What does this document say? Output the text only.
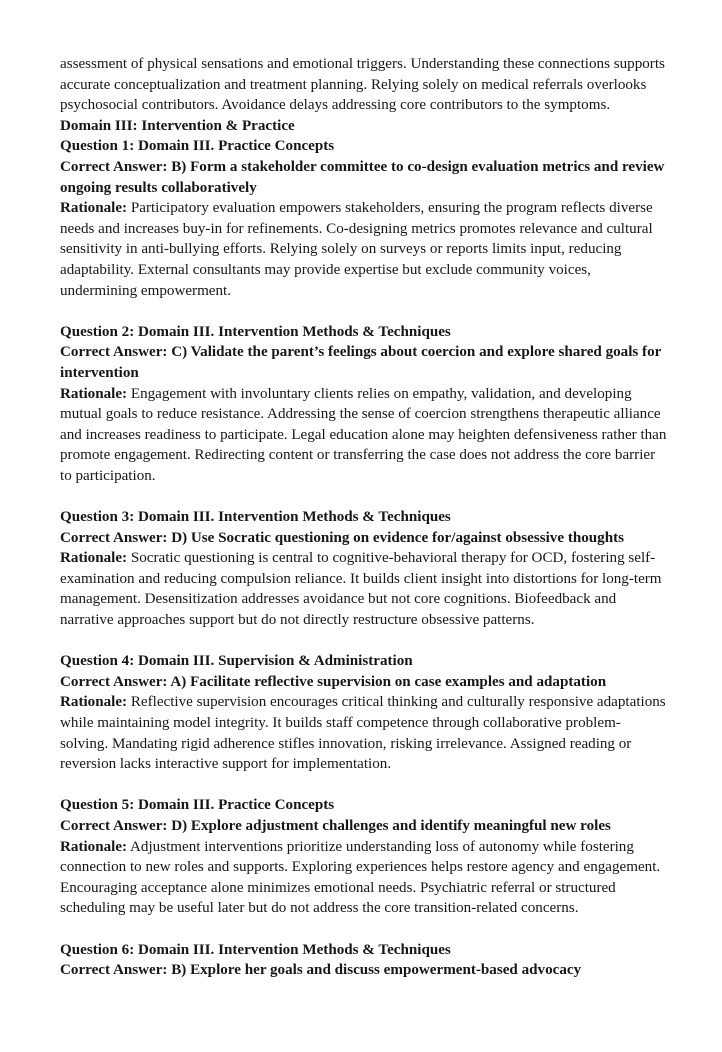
assessment of physical sensations and emotional triggers. Understanding these connections supports accurate conceptualization and treatment planning. Relying solely on medical referrals overlooks psychosocial contributors. Avoidance delays addressing core contributors to the symptoms.

Domain III: Intervention & Practice

Question 1: Domain III. Practice Concepts
Correct Answer: B) Form a stakeholder committee to co-design evaluation metrics and review ongoing results collaboratively
Rationale: Participatory evaluation empowers stakeholders, ensuring the program reflects diverse needs and increases buy-in for refinements. Co-designing metrics promotes relevance and cultural sensitivity in anti-bullying efforts. Relying solely on surveys or reports limits input, reducing adaptability. External consultants may provide expertise but exclude community voices, undermining empowerment.
Question 2: Domain III. Intervention Methods & Techniques
Correct Answer: C) Validate the parent’s feelings about coercion and explore shared goals for intervention
Rationale: Engagement with involuntary clients relies on empathy, validation, and developing mutual goals to reduce resistance. Addressing the sense of coercion strengthens therapeutic alliance and increases readiness to participate. Legal education alone may heighten defensiveness rather than promote engagement. Redirecting content or transferring the case does not address the core barrier to participation.
Question 3: Domain III. Intervention Methods & Techniques
Correct Answer: D) Use Socratic questioning on evidence for/against obsessive thoughts
Rationale: Socratic questioning is central to cognitive-behavioral therapy for OCD, fostering self-examination and reducing compulsion reliance. It builds client insight into distortions for long-term management. Desensitization addresses avoidance but not core cognitions. Biofeedback and narrative approaches support but do not directly restructure obsessive patterns.
Question 4: Domain III. Supervision & Administration
Correct Answer: A) Facilitate reflective supervision on case examples and adaptation
Rationale: Reflective supervision encourages critical thinking and culturally responsive adaptations while maintaining model integrity. It builds staff competence through collaborative problem-solving. Mandating rigid adherence stifles innovation, risking irrelevance. Assigned reading or reversion lacks interactive support for implementation.
Question 5: Domain III. Practice Concepts
Correct Answer: D) Explore adjustment challenges and identify meaningful new roles
Rationale: Adjustment interventions prioritize understanding loss of autonomy while fostering connection to new roles and supports. Exploring experiences helps restore agency and engagement. Encouraging acceptance alone minimizes emotional needs. Psychiatric referral or structured scheduling may be useful later but do not address the core transition-related concerns.
Question 6: Domain III. Intervention Methods & Techniques
Correct Answer: B) Explore her goals and discuss empowerment-based advocacy
